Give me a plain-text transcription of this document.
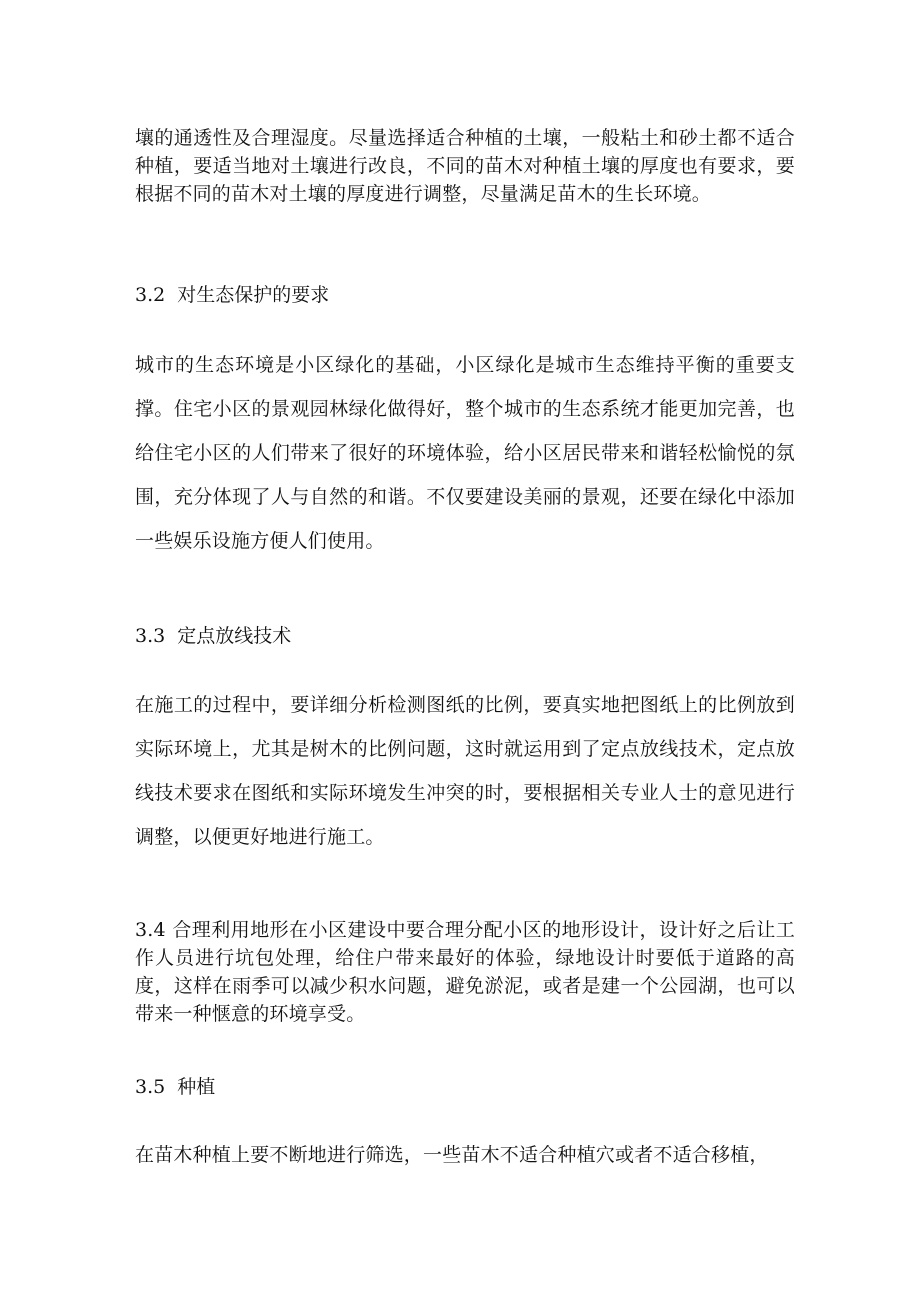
壤的通透性及合理湿度。尽量选择适合种植的土壤，一般粘土和砂土都不适合种植，要适当地对土壤进行改良，不同的苗木对种植土壤的厚度也有要求，要根据不同的苗木对土壤的厚度进行调整，尽量满足苗木的生长环境。

3.2  对生态保护的要求

城市的生态环境是小区绿化的基础，小区绿化是城市生态维持平衡的重要支撑。住宅小区的景观园林绿化做得好，整个城市的生态系统才能更加完善，也给住宅小区的人们带来了很好的环境体验，给小区居民带来和谐轻松愉悦的氛围，充分体现了人与自然的和谐。不仅要建设美丽的景观，还要在绿化中添加一些娱乐设施方便人们使用。

3.3  定点放线技术

在施工的过程中，要详细分析检测图纸的比例，要真实地把图纸上的比例放到实际环境上，尤其是树木的比例问题，这时就运用到了定点放线技术，定点放线技术要求在图纸和实际环境发生冲突的时，要根据相关专业人士的意见进行调整，以便更好地进行施工。

3.4 合理利用地形在小区建设中要合理分配小区的地形设计，设计好之后让工作人员进行坑包处理，给住户带来最好的体验，绿地设计时要低于道路的高度，这样在雨季可以减少积水问题，避免淤泥，或者是建一个公园湖，也可以带来一种惬意的环境享受。

3.5  种植

在苗木种植上要不断地进行筛选，一些苗木不适合种植穴或者不适合移植，
